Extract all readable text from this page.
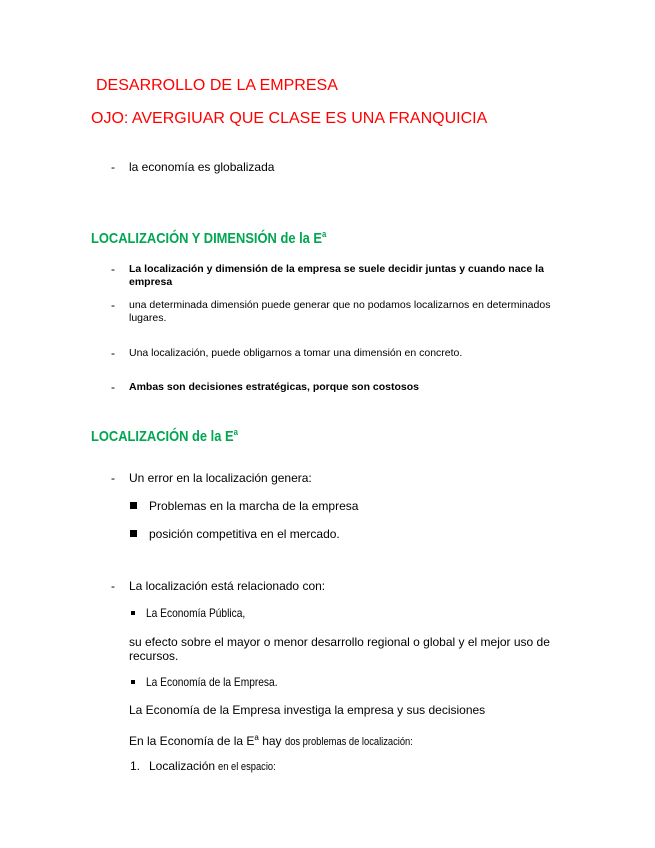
DESARROLLO DE LA EMPRESA
OJO: AVERGIUAR QUE CLASE ES UNA FRANQUICIA
- la economía es globalizada
LOCALIZACIÓN Y DIMENSIÓN de la $E^a$
- La localización y dimensión de la empresa se suele decidir juntas y cuando nace la empresa
- una determinada dimensión puede generar que no podamos localizarnos en determinados lugares.
- Una localización, puede obligarnos a tomar una dimensión en concreto.
- Ambas son decisiones estratégicas, porque son costosos
LOCALIZACIÓN de la $E^a$
- Un error en la localización genera:
Problemas en la marcha de la empresa
posición competitiva en el mercado.
- La localización está relacionado con:
La Economía Pública,
su efecto sobre el mayor o menor desarrollo regional o global y el mejor uso de recursos.
La Economía de la Empresa.
La Economía de la Empresa investiga la empresa y sus decisiones
En la Economía de la $E^a$ hay dos problemas de localización:
1. Localización en el espacio:
